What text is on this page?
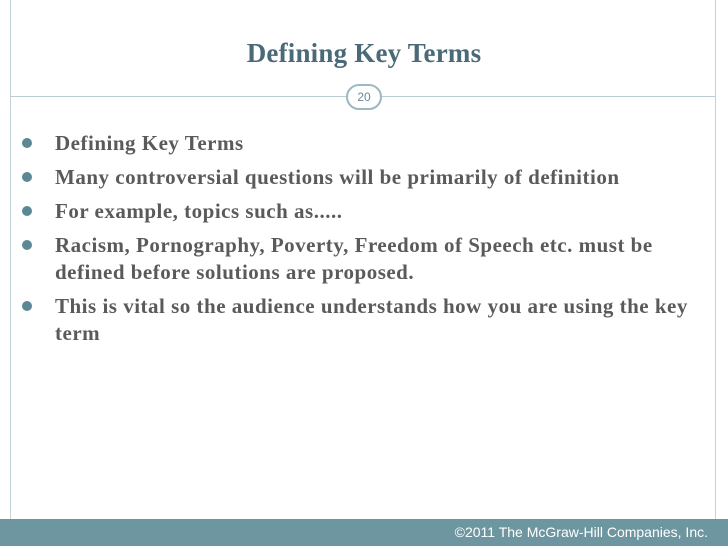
Defining Key Terms
20
Defining Key Terms
Many controversial questions will be primarily of definition
For example, topics such as.....
Racism, Pornography, Poverty, Freedom of Speech etc. must be defined before solutions are proposed.
This is vital so the audience understands how you are using the key term
©2011 The McGraw-Hill Companies, Inc.
